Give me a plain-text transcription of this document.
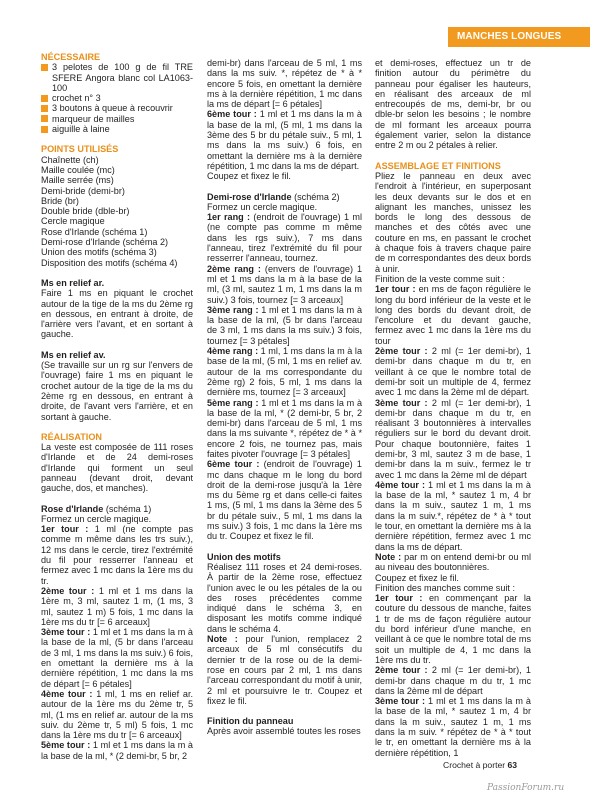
MANCHES LONGUES

NÉCESSAIRE

3 pelotes de 100 g de fil TRE SFERE Angora blanc col LA1063-100
crochet n° 3
3 boutons à queue à recouvrir
marqueur de mailles
aiguille à laine

POINTS UTILISÉS

Chaînette (ch)

Maille coulée (mc)

Maille serrée (ms)

Demi-bride (demi-br)

Bride (br)

Double bride (dble-br)

Cercle magique

Rose d'Irlande (schéma 1)

Demi-rose d'Irlande (schéma 2)

Union des motifs (schéma 3)

Disposition des motifs (schéma 4)

Ms en relief ar.

Faire 1 ms en piquant le crochet autour de la tige de la ms du 2ème rg en dessous, en entrant à droite, de l'arrière vers l'avant, et en sortant à gauche.

Ms en relief av.

(Se travaille sur un rg sur l'envers de l'ouvrage) faire 1 ms en piquant le crochet autour de la tige de la ms du 2ème rg en dessous, en entrant à droite, de l'avant vers l'arrière, et en sortant à gauche.

RÉALISATION

La veste est composée de 111 roses d'Irlande et de 24 demi-roses d'Irlande qui forment un seul panneau (devant droit, devant gauche, dos, et manches).

Rose d'Irlande (schéma 1)

Formez un cercle magique.

1er tour : 1 ml (ne compte pas comme m même dans les trs suiv.), 12 ms dans le cercle, tirez l'extrémité du fil pour resserrer l'anneau et fermez avec 1 mc dans la 1ère ms du tr.

2ème tour : 1 ml et 1 ms dans la 1ère m, 3 ml, sautez 1 m, (1 ms, 3 ml, sautez 1 m) 5 fois, 1 mc dans la 1ère ms du tr [= 6 arceaux]

3ème tour : 1 ml et 1 ms dans la m à la base de la ml, (5 br dans l'arceau de 3 ml, 1 ms dans la ms suiv.) 6 fois, en omettant la dernière ms à la dernière répétition, 1 mc dans la ms de départ [= 6 pétales]

4ème tour : 1 ml, 1 ms en relief ar. autour de la 1ère ms du 2ème tr, 5 ml, (1 ms en relief ar. autour de la ms suiv. du 2ème tr, 5 ml) 5 fois, 1 mc dans la 1ère ms du tr [= 6 arceaux]

5ème tour : 1 ml et 1 ms dans la m à la base de la ml, * (2 demi-br, 5 br, 2

demi-br) dans l'arceau de 5 ml, 1 ms dans la ms suiv. *, répétez de * à * encore 5 fois, en omettant la dernière ms à la dernière répétition, 1 mc dans la ms de départ [= 6 pétales]

6ème tour : 1 ml et 1 ms dans la m à la base de la ml, (5 ml, 1 ms dans la 3ème des 5 br du pétale suiv., 5 ml, 1 ms dans la ms suiv.) 6 fois, en omettant la dernière ms à la dernière répétition, 1 mc dans la ms de départ.

Coupez et fixez le fil.

Demi-rose d'Irlande (schéma 2)

Formez un cercle magique.

1er rang : (endroit de l'ouvrage) 1 ml (ne compte pas comme m même dans les rgs suiv.), 7 ms dans l'anneau, tirez l'extrémité du fil pour resserrer l'anneau, tournez.

2ème rang : (envers de l'ouvrage) 1 ml et 1 ms dans la m à la base de la ml, (3 ml, sautez 1 m, 1 ms dans la m suiv.) 3 fois, tournez [= 3 arceaux]

3ème rang : 1 ml et 1 ms dans la m à la base de la ml, (5 br dans l'arceau de 3 ml, 1 ms dans la ms suiv.) 3 fois, tournez [= 3 pétales]

4ème rang : 1 ml, 1 ms dans la m à la base de la ml, (5 ml, 1 ms en relief av. autour de la ms correspondante du 2ème rg) 2 fois, 5 ml, 1 ms dans la dernière ms, tournez [= 3 arceaux]

5ème rang : 1 ml et 1 ms dans la m à la base de la ml, * (2 demi-br, 5 br, 2 demi-br) dans l'arceau de 5 ml, 1 ms dans la ms suivante *, répétez de * à * encore 2 fois, ne tournez pas, mais faites pivoter l'ouvrage [= 3 pétales]

6ème tour : (endroit de l'ouvrage) 1 mc dans chaque m le long du bord droit de la demi-rose jusqu'à la 1ère ms du 5ème rg et dans celle-ci faites 1 ms, (5 ml, 1 ms dans la 3ème des 5 br du pétale suiv., 5 ml, 1 ms dans la ms suiv.) 3 fois, 1 mc dans la 1ère ms du tr. Coupez et fixez le fil.

Union des motifs

Réalisez 111 roses et 24 demi-roses. À partir de la 2ème rose, effectuez l'union avec le ou les pétales de la ou des roses précédentes comme indiqué dans le schéma 3, en disposant les motifs comme indiqué dans le schéma 4.

Note : pour l'union, remplacez 2 arceaux de 5 ml consécutifs du dernier tr de la rose ou de la demi-rose en cours par 2 ml, 1 ms dans l'arceau correspondant du motif à unir, 2 ml et poursuivre le tr. Coupez et fixez le fil.

Finition du panneau

Après avoir assemblé toutes les roses

et demi-roses, effectuez un tr de finition autour du périmètre du panneau pour égaliser les hauteurs, en réalisant des arceaux de ml entrecoupés de ms, demi-br, br ou dble-br selon les besoins ; le nombre de ml formant les arceaux pourra également varier, selon la distance entre 2 m ou 2 pétales à relier.

ASSEMBLAGE ET FINITIONS

Pliez le panneau en deux avec l'endroit à l'intérieur, en superposant les deux devants sur le dos et en alignant les manches, unissez les bords le long des dessous de manches et des côtés avec une couture en ms, en passant le crochet à chaque fois à travers chaque paire de m correspondantes des deux bords à unir.

Finition de la veste comme suit :

1er tour : en ms de façon régulière le long du bord inférieur de la veste et le long des bords du devant droit, de l'encolure et du devant gauche, fermez avec 1 mc dans la 1ère ms du tour

2ème tour : 2 ml (= 1er demi-br), 1 demi-br dans chaque m du tr, en veillant à ce que le nombre total de demi-br soit un multiple de 4, fermez avec 1 mc dans la 2ème ml de départ.

3ème tour : 2 ml (= 1er demi-br), 1 demi-br dans chaque m du tr, en réalisant 3 boutonnières à intervalles réguliers sur le bord du devant droit. Pour chaque boutonnière, faites 1 demi-br, 3 ml, sautez 3 m de base, 1 demi-br dans la m suiv., fermez le tr avec 1 mc dans la 2ème ml de départ

4ème tour : 1 ml et 1 ms dans la m à la base de la ml, * sautez 1 m, 4 br dans la m suiv., sautez 1 m, 1 ms dans la m suiv.*, répétez de * à * tout le tour, en omettant la dernière ms à la dernière répétition, fermez avec 1 mc dans la ms de départ.

Note : par m on entend demi-br ou ml au niveau des boutonnières.

Coupez et fixez le fil.

Finition des manches comme suit :

1er tour : en commençant par la couture du dessous de manche, faites 1 tr de ms de façon régulière autour du bord inférieur d'une manche, en veillant à ce que le nombre total de ms soit un multiple de 4, 1 mc dans la 1ère ms du tr.

2ème tour : 2 ml (= 1er demi-br), 1 demi-br dans chaque m du tr, 1 mc dans la 2ème ml de départ

3ème tour : 1 ml et 1 ms dans la m à la base de la ml, * sautez 1 m, 4 br dans la m suiv., sautez 1 m, 1 ms dans la m suiv. * répétez de * à * tout le tr, en omettant la dernière ms à la dernière répétition, 1

Crochet à porter 63
PassionForum.ru
